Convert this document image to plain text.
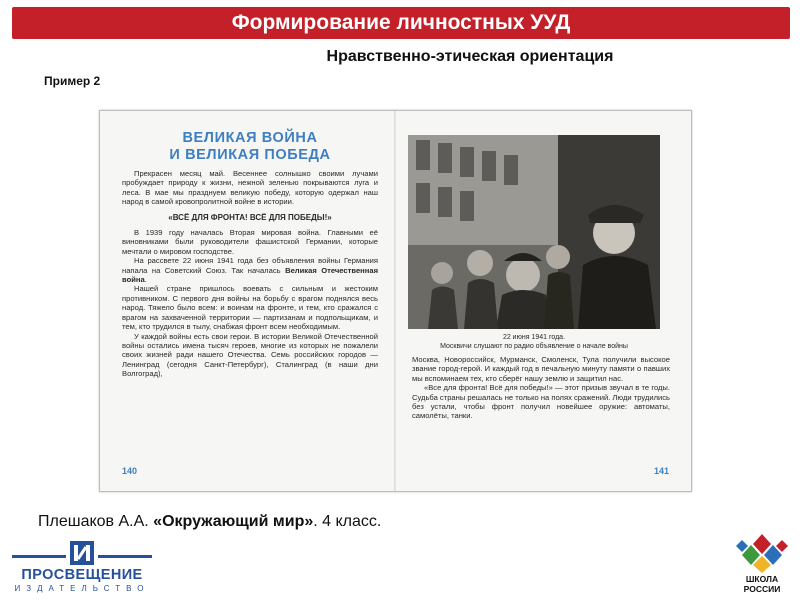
Формирование личностных УУД
Нравственно-этическая ориентация
Пример 2
ВЕЛИКАЯ ВОЙНА
И ВЕЛИКАЯ ПОБЕДА

Прекрасен месяц май. Весеннее солнышко своими лучами пробуждает природу к жизни, нежной зеленью покрываются луга и леса. В мае мы празднуем великую победу, которую одержал наш народ в самой кровопролитной войне в истории.

«ВСЁ ДЛЯ ФРОНТА! ВСЁ ДЛЯ ПОБЕДЫ!»

В 1939 году началась Вторая мировая война. Главными её виновниками были руководители фашистской Германии, которые мечтали о мировом господстве.

На рассвете 22 июня 1941 года без объявления войны Германия напала на Советский Союз. Так началась Великая Отечественная война.

Нашей стране пришлось воевать с сильным и жестоким противником. С первого дня войны на борьбу с врагом поднялся весь народ. Тяжело было всем: и воинам на фронте, и тем, кто сражался с врагом на захваченной территории — партизанам и подпольщикам, и тем, кто трудился в тылу, снабжая фронт всем необходимым.

У каждой войны есть свои герои. В истории Великой Отечественной войны остались имена тысяч героев, многие из которых не пожалели своих жизней ради нашего Отечества. Семь российских городов — Ленинград (сегодня Санкт-Петербург), Сталинград (в наши дни Волгоград),

140
22 июня 1941 года.
Москвичи слушают по радио объявление о начале войны

Москва, Новороссийск, Мурманск, Смоленск, Тула получили высокое звание город-герой. И каждый год в печальную минуту памяти о павших мы вспоминаем тех, кто сберёг нашу землю и защитил нас.

«Все для фронта! Всё для победы!» — этот призыв звучал в те годы. Судьба страны решалась не только на полях сражений. Люди трудились без устали, чтобы фронт получил новейшее оружие: автоматы, самолёты, танки.

141
Плешаков А.А. «Окружающий мир». 4 класс.
ПРОСВЕЩЕНИЕ
ИЗДАТЕЛЬСТВО
ШКОЛА
РОССИИ
